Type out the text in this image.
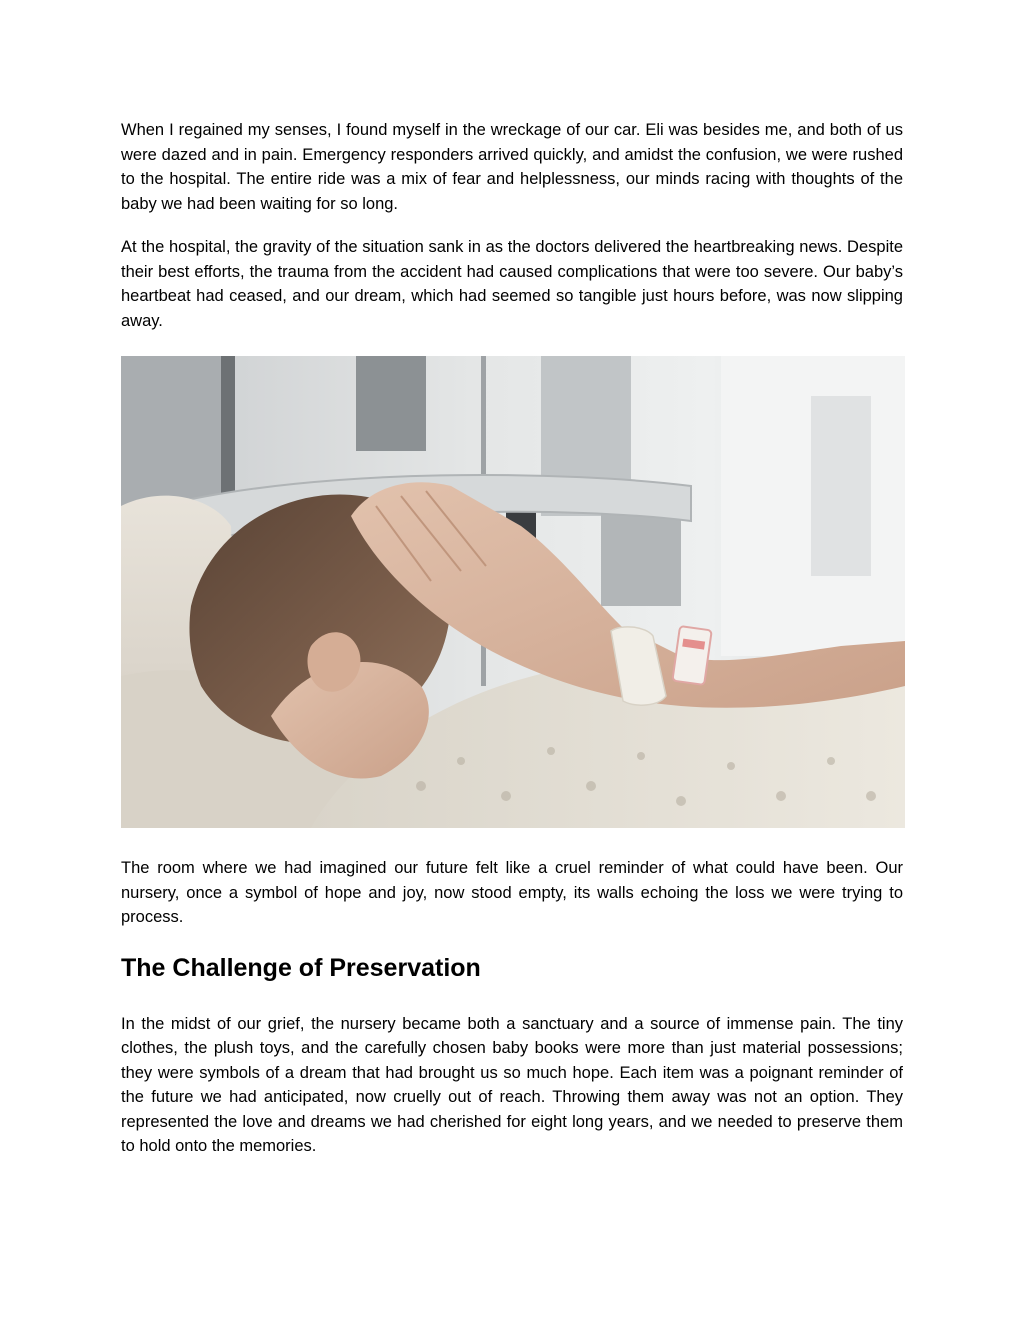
When I regained my senses, I found myself in the wreckage of our car. Eli was besides me, and both of us were dazed and in pain. Emergency responders arrived quickly, and amidst the confusion, we were rushed to the hospital. The entire ride was a mix of fear and helplessness, our minds racing with thoughts of the baby we had been waiting for so long.

At the hospital, the gravity of the situation sank in as the doctors delivered the heartbreaking news. Despite their best efforts, the trauma from the accident had caused complications that were too severe. Our baby’s heartbeat had ceased, and our dream, which had seemed so tangible just hours before, was now slipping away.

The room where we had imagined our future felt like a cruel reminder of what could have been. Our nursery, once a symbol of hope and joy, now stood empty, its walls echoing the loss we were trying to process.

The Challenge of Preservation

In the midst of our grief, the nursery became both a sanctuary and a source of immense pain. The tiny clothes, the plush toys, and the carefully chosen baby books were more than just material possessions; they were symbols of a dream that had brought us so much hope. Each item was a poignant reminder of the future we had anticipated, now cruelly out of reach. Throwing them away was not an option. They represented the love and dreams we had cherished for eight long years, and we needed to preserve them to hold onto the memories.
